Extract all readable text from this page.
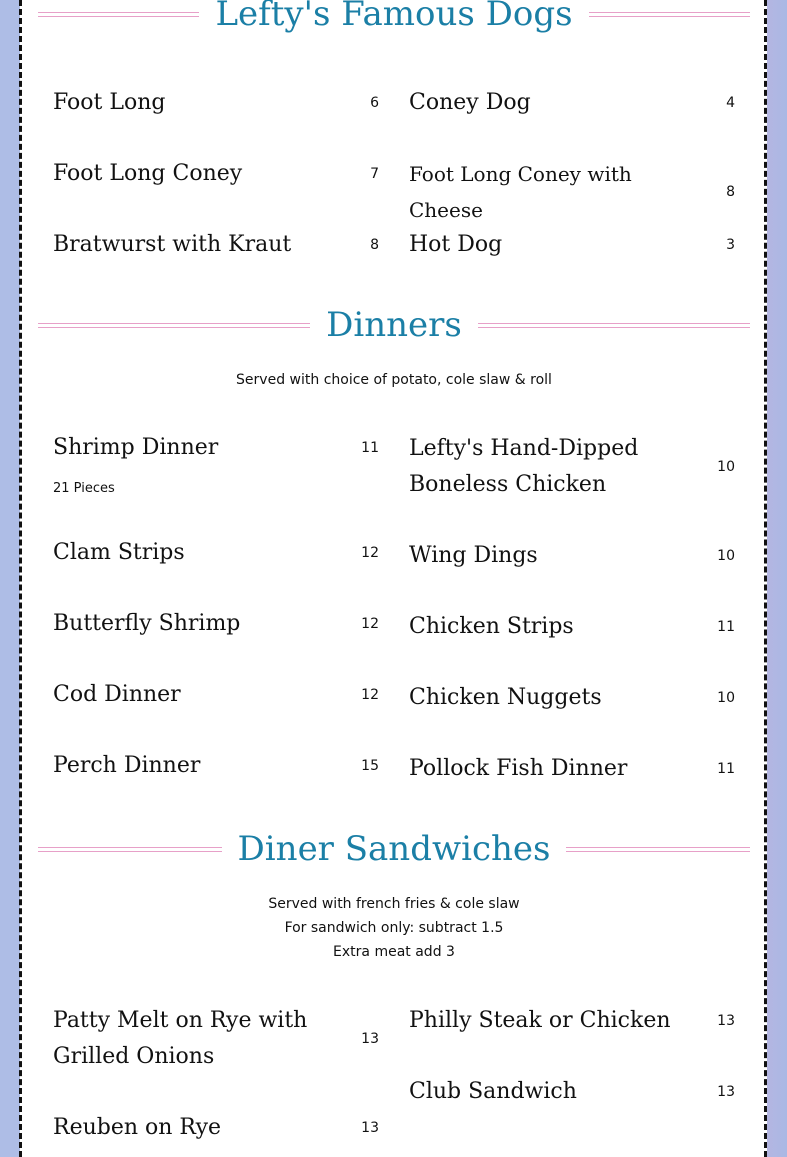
Lefty's Famous Dogs
Foot Long	6
Foot Long Coney	7
Bratwurst with Kraut	8
Coney Dog	4
Foot Long Coney with Cheese
8
Hot Dog	3
Dinners
Served with choice of potato, cole slaw & roll
Shrimp Dinner	11
21 Pieces
Clam Strips	12
Butterfly Shrimp	12
Cod Dinner	12
Perch Dinner	15
Lefty's Hand-Dipped Boneless Chicken
10
Wing Dings	10
Chicken Strips	11
Chicken Nuggets	10
Pollock Fish Dinner	11
Diner Sandwiches
Served with french fries & cole slaw
For sandwich only: subtract 1.5
Extra meat add 3
Patty Melt on Rye with Grilled Onions
13
Reuben on Rye	13
Philly Steak or Chicken	13
Club Sandwich	13
